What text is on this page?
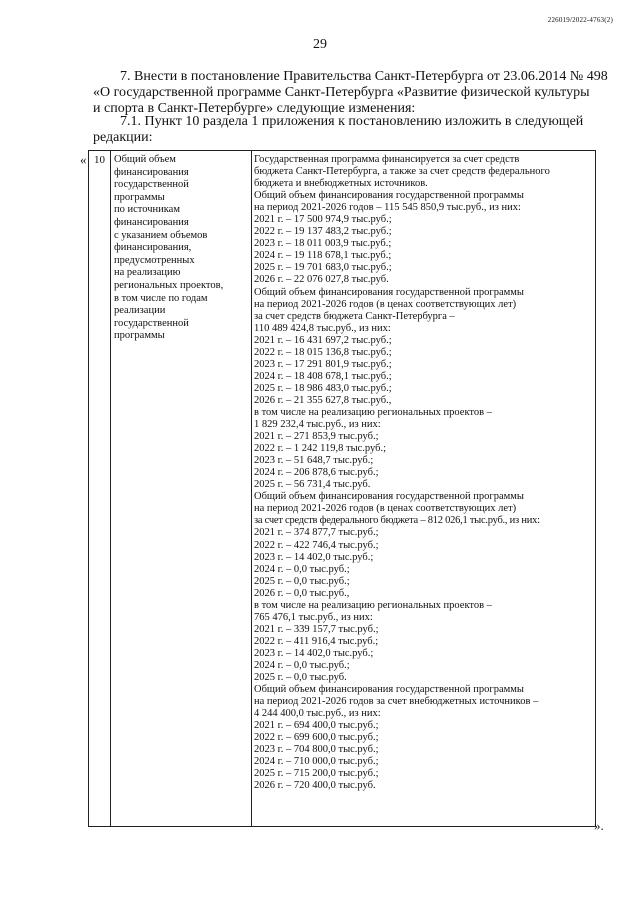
226019/2022-4763(2)
29
7. Внести в постановление Правительства Санкт-Петербурга от 23.06.2014 № 498
«О государственной программе Санкт-Петербурга «Развитие физической культуры
и спорта в Санкт-Петербурге» следующие изменения:
7.1. Пункт 10 раздела 1 приложения к постановлению изложить в следующей
редакции:
« 10 Общий объем
финансирования
государственной
программы
по источникам
финансирования
с указанием объемов
финансирования,
предусмотренных
на реализацию
региональных проектов,
в том числе по годам
реализации
государственной
программы
Государственная программа финансируется за счет средств
бюджета Санкт-Петербурга, а также за счет средств федерального
бюджета и внебюджетных источников.
Общий объем финансирования государственной программы
на период 2021-2026 годов – 115 545 850,9 тыс.руб., из них:
2021 г. – 17 500 974,9 тыс.руб.;
2022 г. – 19 137 483,2 тыс.руб.;
2023 г. – 18 011 003,9 тыс.руб.;
2024 г. – 19 118 678,1 тыс.руб.;
2025 г. – 19 701 683,0 тыс.руб.;
2026 г. – 22 076 027,8 тыс.руб.
Общий объем финансирования государственной программы
на период 2021-2026 годов (в ценах соответствующих лет)
за счет средств бюджета Санкт-Петербурга –
110 489 424,8 тыс.руб., из них:
2021 г. – 16 431 697,2 тыс.руб.;
2022 г. – 18 015 136,8 тыс.руб.;
2023 г. – 17 291 801,9 тыс.руб.;
2024 г. – 18 408 678,1 тыс.руб.;
2025 г. – 18 986 483,0 тыс.руб.;
2026 г. – 21 355 627,8 тыс.руб.,
в том числе на реализацию региональных проектов –
1 829 232,4 тыс.руб., из них:
2021 г. – 271 853,9 тыс.руб.;
2022 г. – 1 242 119,8 тыс.руб.;
2023 г. – 51 648,7 тыс.руб.;
2024 г. – 206 878,6 тыс.руб.;
2025 г. – 56 731,4 тыс.руб.
Общий объем финансирования государственной программы
на период 2021-2026 годов (в ценах соответствующих лет)
за счет средств федерального бюджета – 812 026,1 тыс.руб., из них:
2021 г. – 374 877,7 тыс.руб.;
2022 г. – 422 746,4 тыс.руб.;
2023 г. – 14 402,0 тыс.руб.;
2024 г. – 0,0 тыс.руб.;
2025 г. – 0,0 тыс.руб.;
2026 г. – 0,0 тыс.руб.,
в том числе на реализацию региональных проектов –
765 476,1 тыс.руб., из них:
2021 г. – 339 157,7 тыс.руб.;
2022 г. – 411 916,4 тыс.руб.;
2023 г. – 14 402,0 тыс.руб.;
2024 г. – 0,0 тыс.руб.;
2025 г. – 0,0 тыс.руб.
Общий объем финансирования государственной программы
на период 2021-2026 годов за счет внебюджетных источников –
4 244 400,0 тыс.руб., из них:
2021 г. – 694 400,0 тыс.руб.;
2022 г. – 699 600,0 тыс.руб.;
2023 г. – 704 800,0 тыс.руб.;
2024 г. – 710 000,0 тыс.руб.;
2025 г. – 715 200,0 тыс.руб.;
2026 г. – 720 400,0 тыс.руб.
».
